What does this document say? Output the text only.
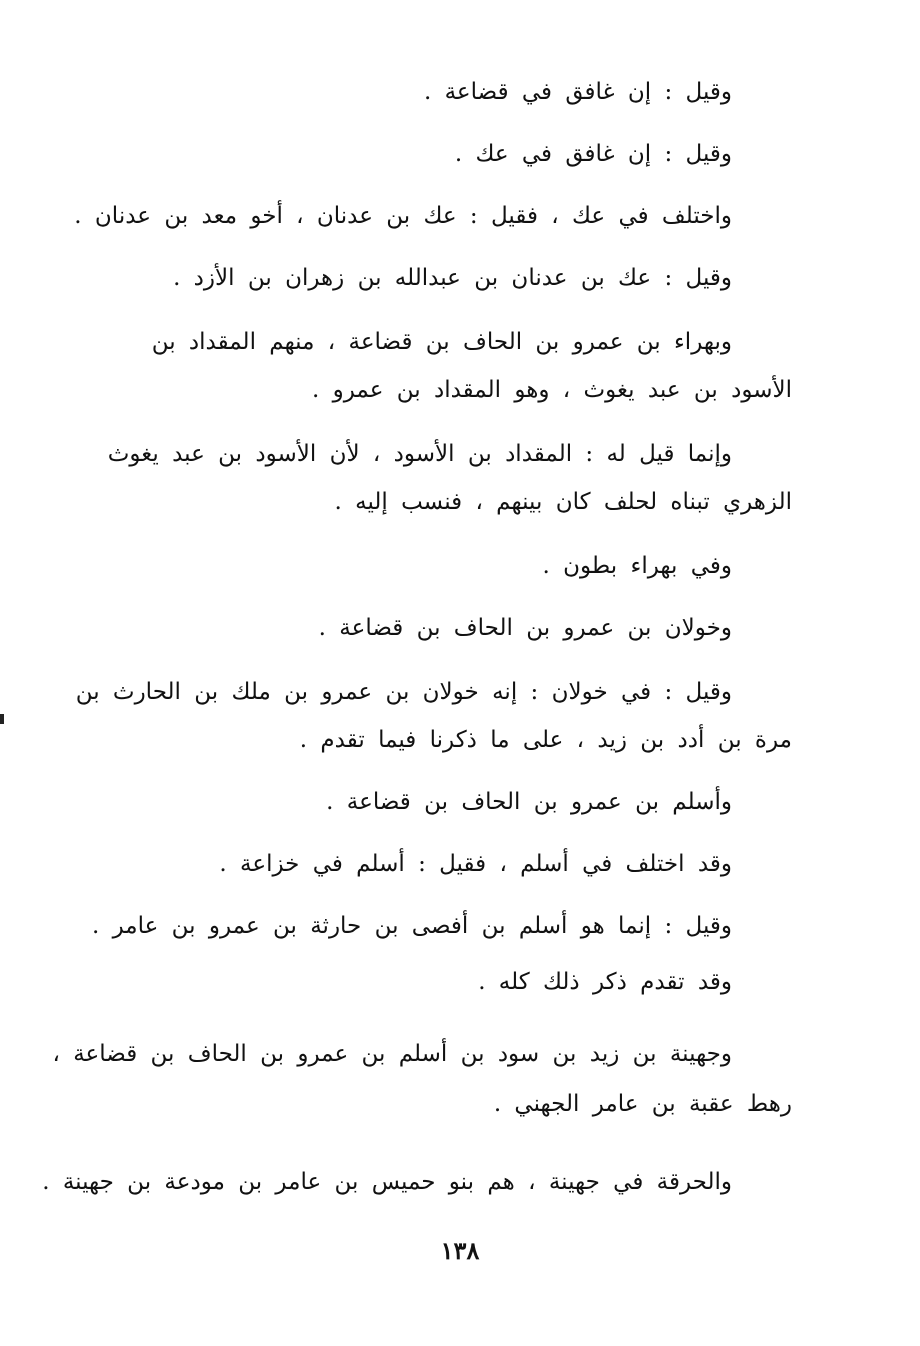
وقيل : إن غافق في قضاعة .
وقيل : إن غافق في عك .
واختلف في عك ، فقيل : عك بن عدنان ، أخو معد بن عدنان .
وقيل : عك بن عدنان بن عبدالله بن زهران بن الأزد .
وبهراء بن عمرو بن الحاف بن قضاعة ، منهم المقداد بن
الأسود بن عبد يغوث ، وهو المقداد بن عمرو .
وإنما قيل له : المقداد بن الأسود ، لأن الأسود بن عبد يغوث
الزهري تبناه لحلف كان بينهم ، فنسب إليه .
وفي بهراء بطون .
وخولان بن عمرو بن الحاف بن قضاعة .
وقيل : في خولان : إنه خولان بن عمرو بن ملك بن الحارث بن
مرة بن أدد بن زيد ، على ما ذكرنا فيما تقدم .
وأسلم بن عمرو بن الحاف بن قضاعة .
وقد اختلف في أسلم ، فقيل : أسلم في خزاعة .
وقيل : إنما هو أسلم بن أفصى بن حارثة بن عمرو بن عامر .
وقد تقدم ذكر ذلك كله .
وجهينة بن زيد بن سود بن أسلم بن عمرو بن الحاف بن قضاعة ،
رهط عقبة بن عامر الجهني .
والحرقة في جهينة ، هم بنو حميس بن عامر بن مودعة بن جهينة .
١٣٨
